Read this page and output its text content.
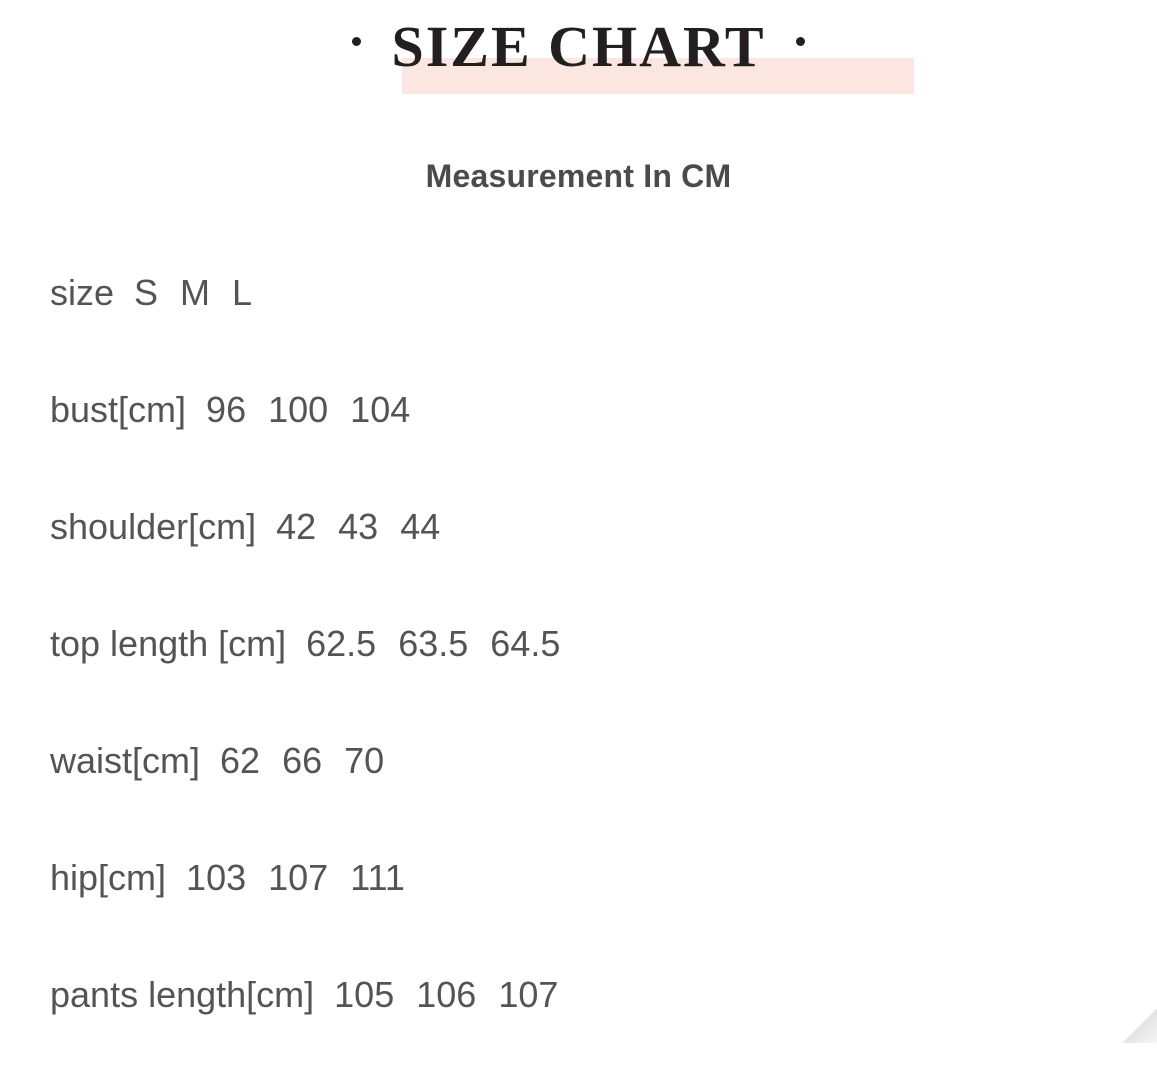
SIZE CHART
Measurement In CM
size S M L
bust[cm] 96 100 104
shoulder[cm] 42 43 44
top length [cm] 62.5 63.5 64.5
waist[cm] 62 66 70
hip[cm] 103 107 111
pants length[cm] 105 106 107
